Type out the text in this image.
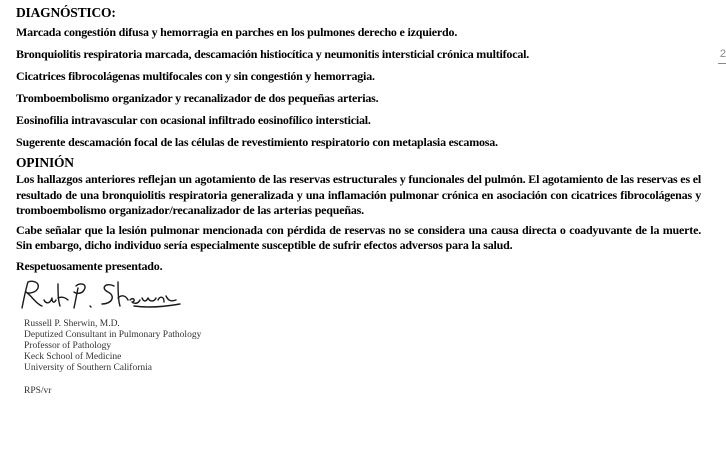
2
DIAGNÓSTICO:
Marcada congestión difusa y hemorragia en parches en los pulmones derecho e izquierdo.
Bronquiolitis respiratoria marcada, descamación histiocítica y neumonitis intersticial crónica multifocal.
Cicatrices fibrocolágenas multifocales con y sin congestión y hemorragia.
Tromboembolismo organizador y recanalizador de dos pequeñas arterias.
Eosinofilia intravascular con ocasional infiltrado eosinofílico intersticial.
Sugerente descamación focal de las células de revestimiento respiratorio con metaplasia escamosa.
OPINIÓN
Los hallazgos anteriores reflejan un agotamiento de las reservas estructurales y funcionales del pulmón. El agotamiento de las reservas es el resultado de una bronquiolitis respiratoria generalizada y una inflamación pulmonar crónica en asociación con cicatrices fibrocolágenas y tromboembolismo organizador/recanalizador de las arterias pequeñas.
Cabe señalar que la lesión pulmonar mencionada con pérdida de reservas no se considera una causa directa o coadyuvante de la muerte. Sin embargo, dicho individuo sería especialmente susceptible de sufrir efectos adversos para la salud.
Respetuosamente presentado.
Russell P. Sherwin, M.D.
Deputized Consultant in Pulmonary Pathology
Professor of Pathology
Keck School of Medicine
University of Southern California
RPS/vr
